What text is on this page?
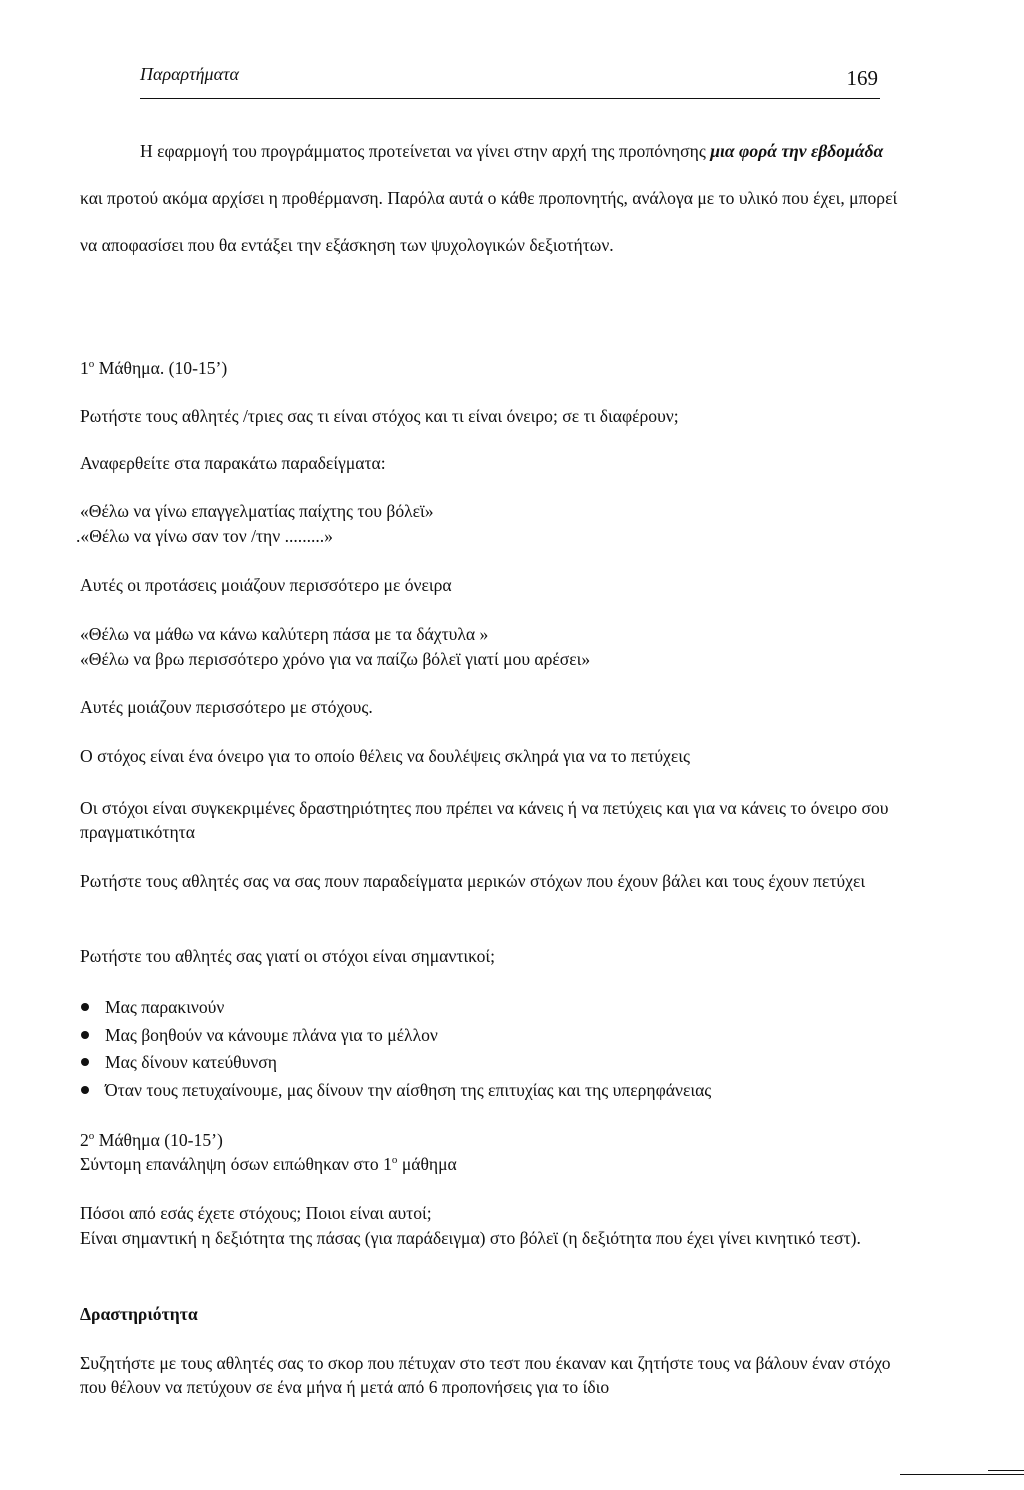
Παραρτήματα	169

Η εφαρμογή του προγράμματος προτείνεται να γίνει στην αρχή της προπόνησης μια φορά την εβδομάδα και προτού ακόμα αρχίσει η προθέρμανση. Παρόλα αυτά ο κάθε προπονητής, ανάλογα με το υλικό που έχει, μπορεί να αποφασίσει που θα εντάξει την εξάσκηση των ψυχολογικών δεξιοτήτων.

$1^o$ Μάθημα. (10-15’)

Ρωτήστε τους αθλητές /τριες σας τι είναι στόχος και τι είναι όνειρο; σε τι διαφέρουν;

Αναφερθείτε στα παρακάτω παραδείγματα:

«Θέλω να γίνω επαγγελματίας παίχτης του βόλεϊ»

.«Θέλω να γίνω σαν τον /την .........»

Αυτές οι προτάσεις μοιάζουν περισσότερο με όνειρα

«Θέλω να μάθω να κάνω καλύτερη πάσα με τα δάχτυλα »

«Θέλω να βρω περισσότερο χρόνο για να παίζω βόλεϊ γιατί μου αρέσει»

Αυτές μοιάζουν περισσότερο με στόχους.

Ο στόχος είναι ένα όνειρο για το οποίο θέλεις να δουλέψεις σκληρά για να το πετύχεις

Οι στόχοι είναι συγκεκριμένες δραστηριότητες που πρέπει να κάνεις ή να πετύχεις και για να κάνεις το όνειρο σου πραγματικότητα

Ρωτήστε τους αθλητές σας να σας πουν παραδείγματα μερικών στόχων που έχουν βάλει και τους έχουν πετύχει

Ρωτήστε του αθλητές σας γιατί οι στόχοι είναι σημαντικοί;

Μας παρακινούν
Μας βοηθούν να κάνουμε πλάνα για το μέλλον
Μας δίνουν κατεύθυνση
Όταν τους πετυχαίνουμε, μας δίνουν την αίσθηση της επιτυχίας και της υπερηφάνειας

$2^o$ Μάθημα (10-15’)

Σύντομη επανάληψη όσων ειπώθηκαν στο $1^o$ μάθημα

Πόσοι από εσάς έχετε στόχους; Ποιοι είναι αυτοί;

Είναι σημαντική η δεξιότητα της πάσας (για παράδειγμα) στο βόλεϊ (η δεξιότητα που έχει γίνει κινητικό τεστ).

Δραστηριότητα

Συζητήστε με τους αθλητές σας το σκορ που πέτυχαν στο τεστ που έκαναν και ζητήστε τους να βάλουν έναν στόχο που θέλουν να πετύχουν σε ένα μήνα ή μετά από 6 προπονήσεις για το ίδιο
